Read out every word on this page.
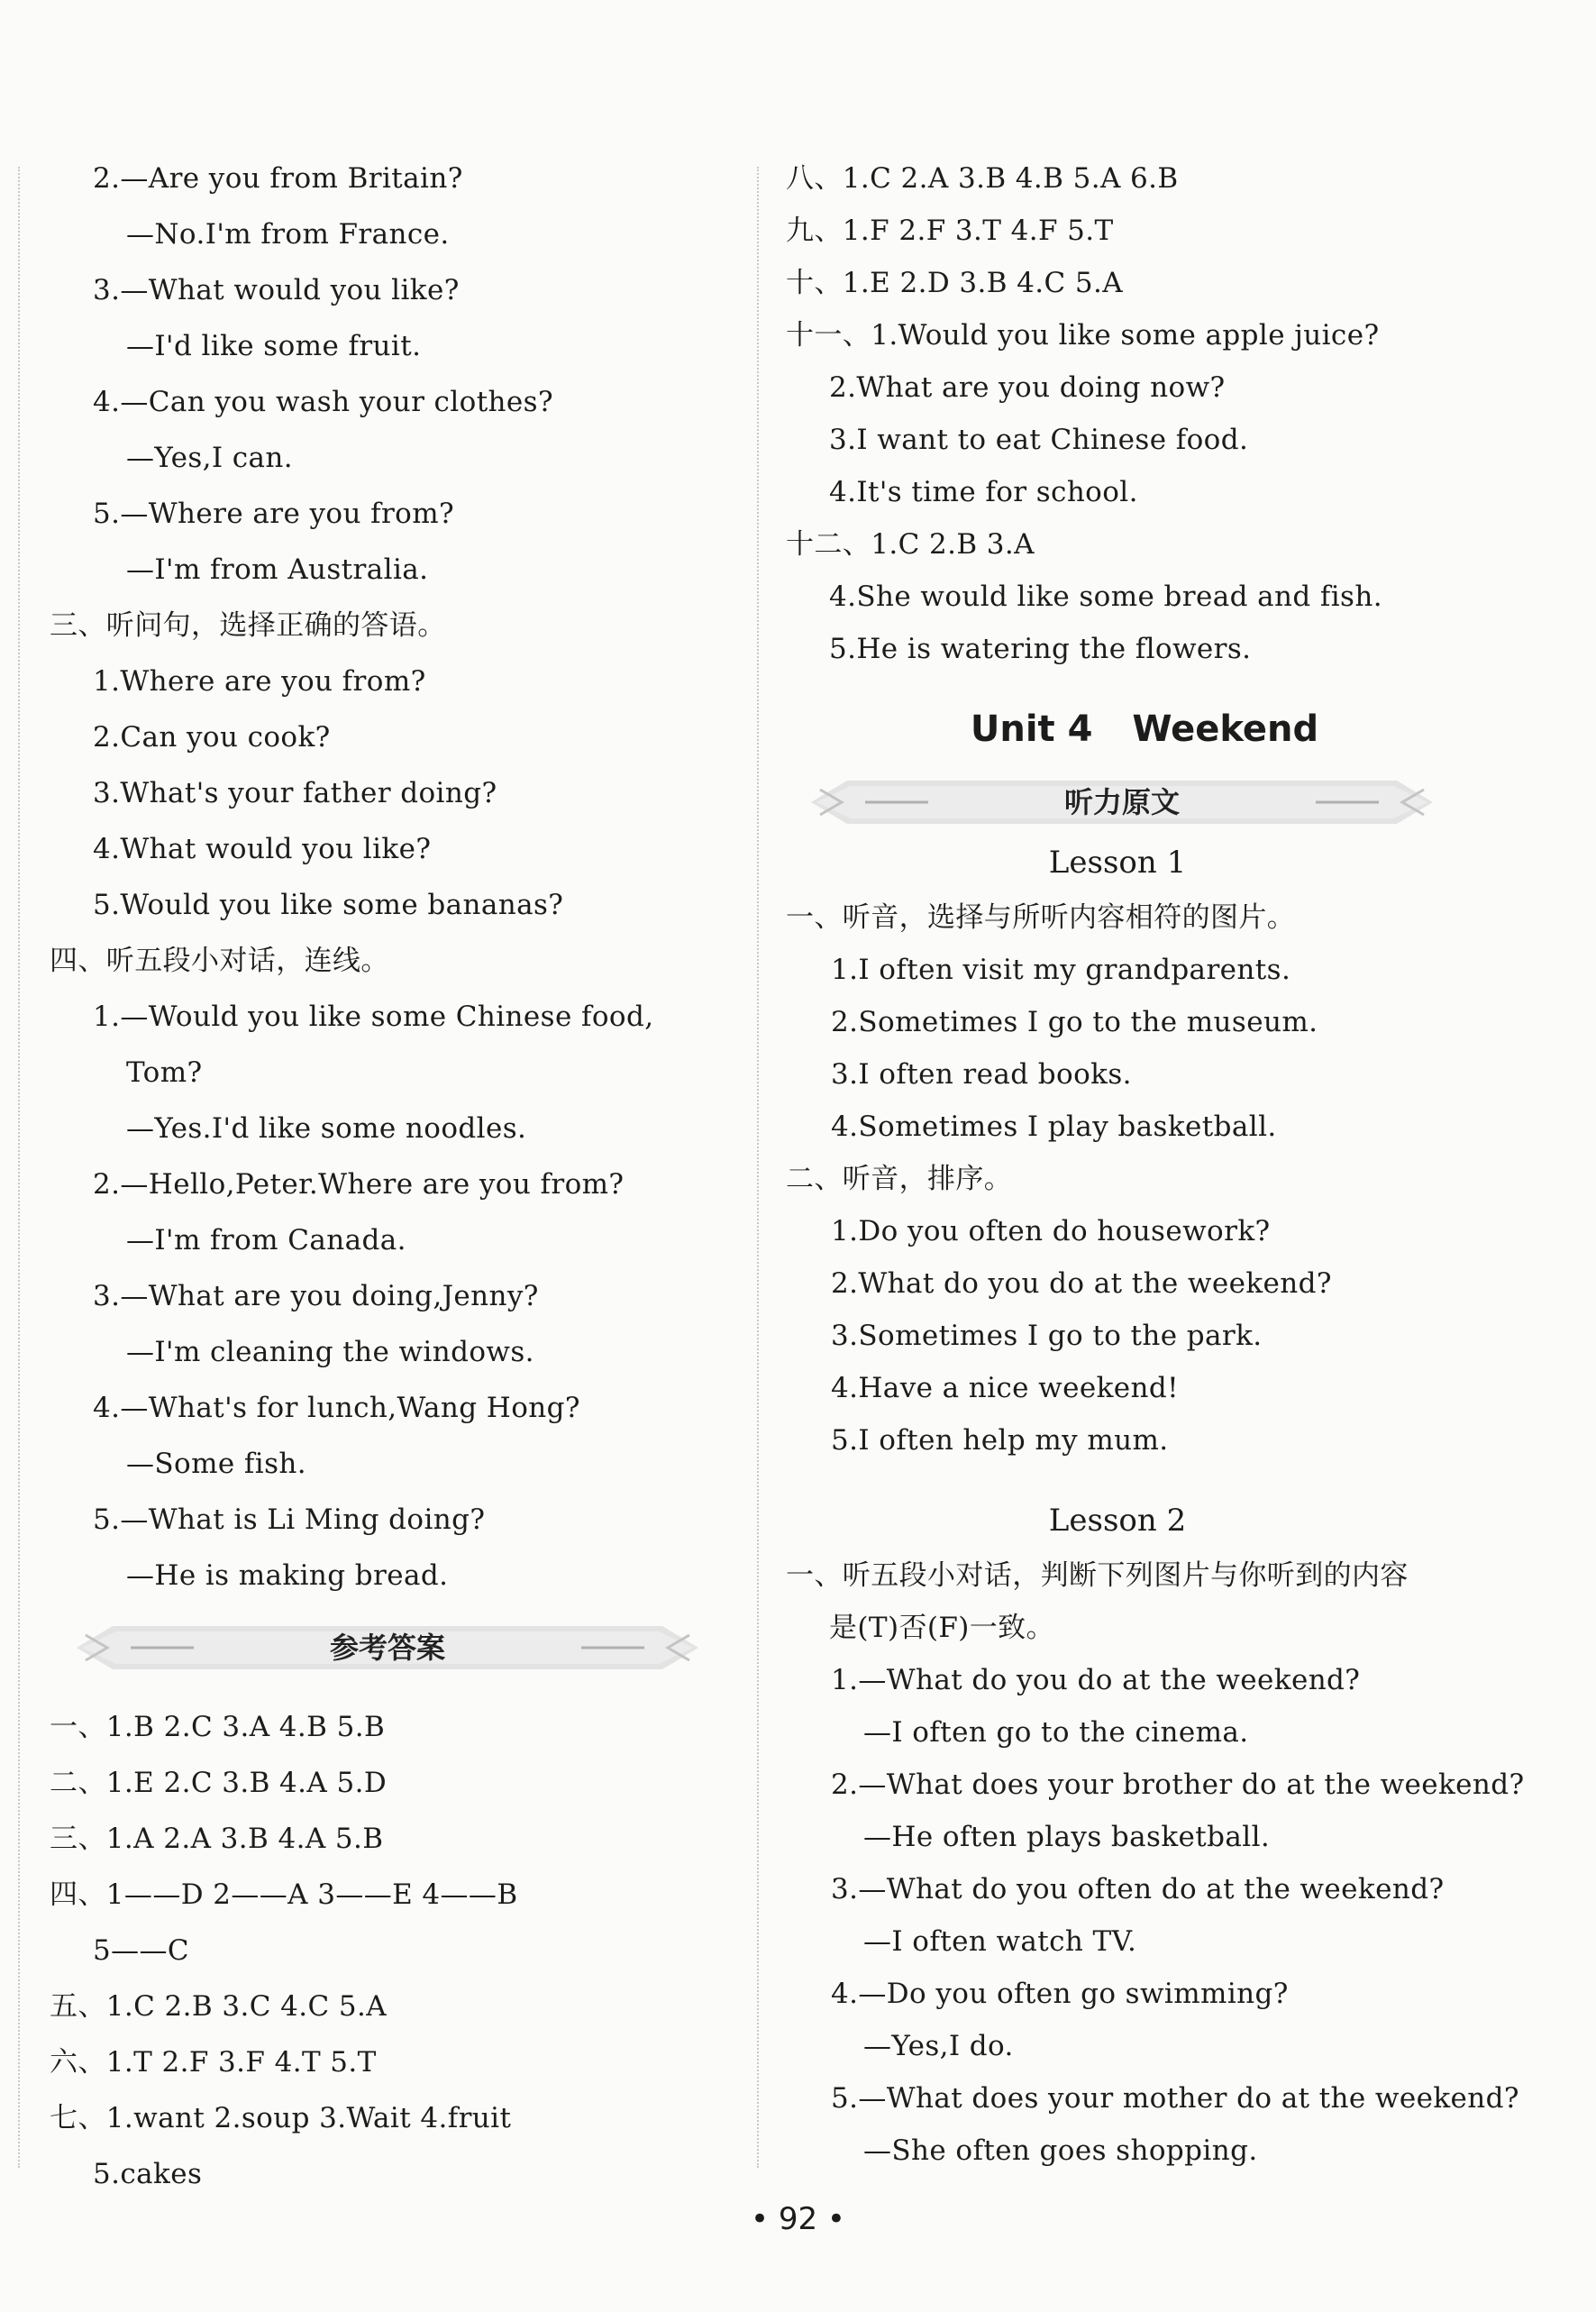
2.—Are you from Britain?
—No.I'm from France.
3.—What would you like?
—I'd like some fruit.
4.—Can you wash your clothes?
—Yes,I can.
5.—Where are you from?
—I'm from Australia.
三、听问句，选择正确的答语。
1.Where are you from?
2.Can you cook?
3.What's your father doing?
4.What would you like?
5.Would you like some bananas?
四、听五段小对话，连线。
1.—Would you like some Chinese food,
Tom?
—Yes.I'd like some noodles.
2.—Hello,Peter.Where are you from?
—I'm from Canada.
3.—What are you doing,Jenny?
—I'm cleaning the windows.
4.—What's for lunch,Wang Hong?
—Some fish.
5.—What is Li Ming doing?
—He is making bread.
参考答案
一、1.B 2.C 3.A 4.B 5.B
二、1.E 2.C 3.B 4.A 5.D
三、1.A 2.A 3.B 4.A 5.B
四、1——D 2——A 3——E 4——B
5——C
五、1.C 2.B 3.C 4.C 5.A
六、1.T 2.F 3.F 4.T 5.T
七、1.want 2.soup 3.Wait 4.fruit
5.cakes
八、1.C 2.A 3.B 4.B 5.A 6.B
九、1.F 2.F 3.T 4.F 5.T
十、1.E 2.D 3.B 4.C 5.A
十一、1.Would you like some apple juice?
2.What are you doing now?
3.I want to eat Chinese food.
4.It's time for school.
十二、1.C 2.B 3.A
4.She would like some bread and fish.
5.He is watering the flowers.
Unit 4 Weekend
听力原文
Lesson 1
一、听音，选择与所听内容相符的图片。
1.I often visit my grandparents.
2.Sometimes I go to the museum.
3.I often read books.
4.Sometimes I play basketball.
二、听音，排序。
1.Do you often do housework?
2.What do you do at the weekend?
3.Sometimes I go to the park.
4.Have a nice weekend!
5.I often help my mum.
Lesson 2
一、听五段小对话，判断下列图片与你听到的内容
是(T)否(F)一致。
1.—What do you do at the weekend?
—I often go to the cinema.
2.—What does your brother do at the weekend?
—He often plays basketball.
3.—What do you often do at the weekend?
—I often watch TV.
4.—Do you often go swimming?
—Yes,I do.
5.—What does your mother do at the weekend?
—She often goes shopping.
• 92 •
